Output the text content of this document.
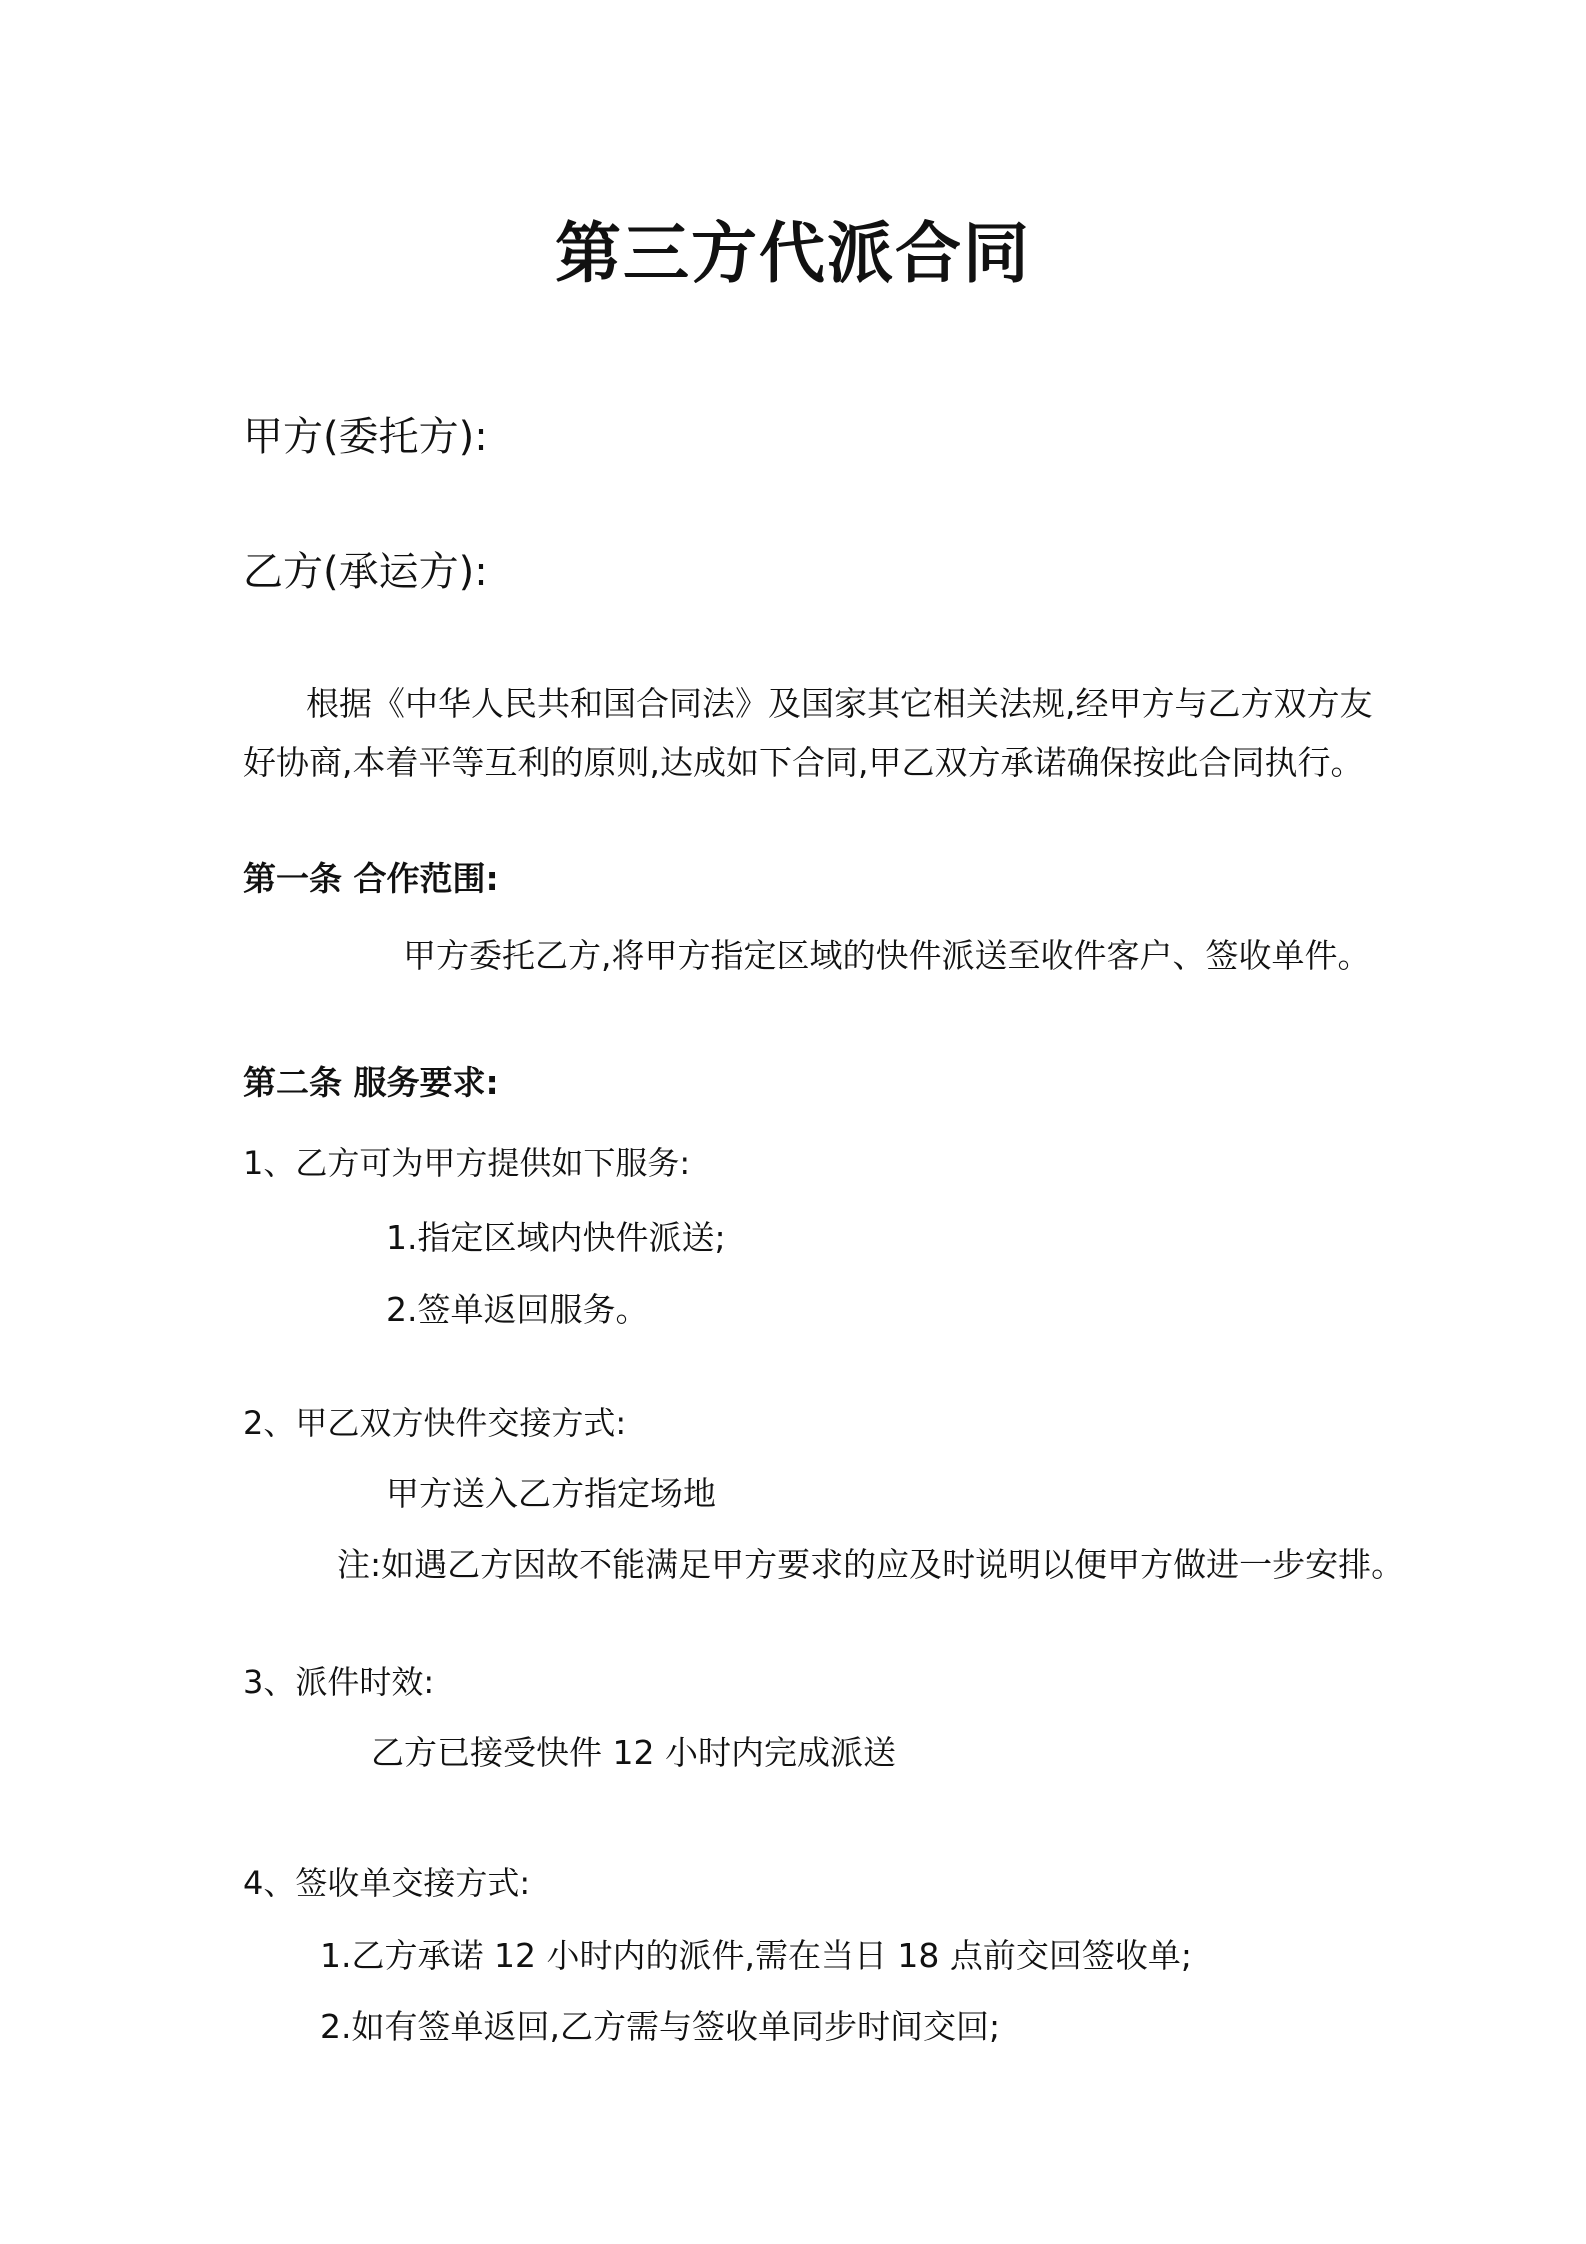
第三方代派合同
甲方(委托方):
乙方(承运方):
根据《中华人民共和国合同法》及国家其它相关法规,经甲方与乙方双方友
好协商,本着平等互利的原则,达成如下合同,甲乙双方承诺确保按此合同执行。
第一条 合作范围:
甲方委托乙方,将甲方指定区域的快件派送至收件客户、签收单件。
第二条 服务要求:
1、乙方可为甲方提供如下服务:
1.指定区域内快件派送;
2.签单返回服务。
2、甲乙双方快件交接方式:
甲方送入乙方指定场地
注:如遇乙方因故不能满足甲方要求的应及时说明以便甲方做进一步安排。
3、派件时效:
乙方已接受快件 12 小时内完成派送
4、签收单交接方式:
1.乙方承诺 12 小时内的派件,需在当日 18 点前交回签收单;
2.如有签单返回,乙方需与签收单同步时间交回;
